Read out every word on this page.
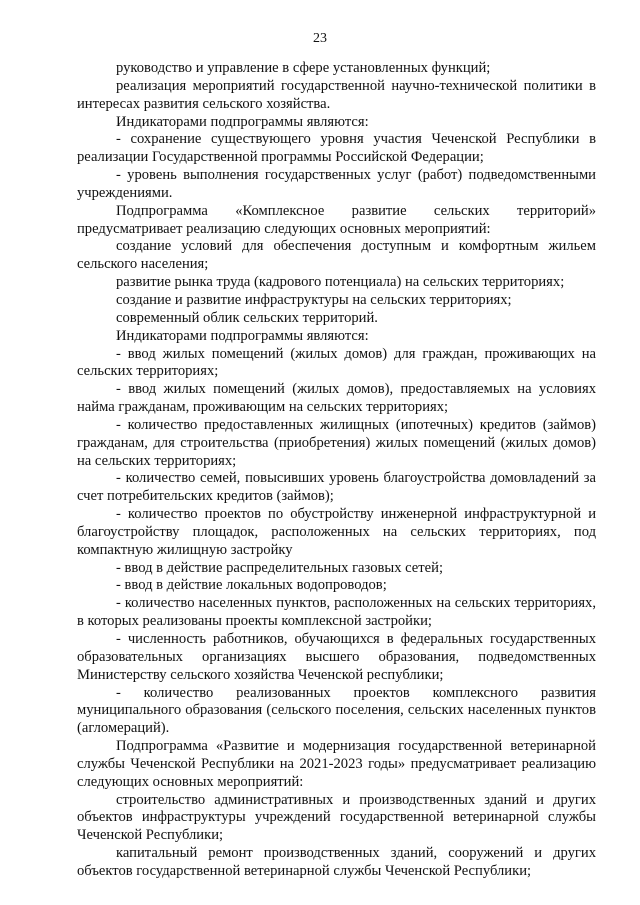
23

руководство и управление в сфере установленных функций;

реализация мероприятий государственной научно-технической политики в интересах развития сельского хозяйства.

Индикаторами подпрограммы являются:

- сохранение существующего уровня участия Чеченской Республики в реализации Государственной программы Российской Федерации;

- уровень выполнения государственных услуг (работ) подведомственными учреждениями.

Подпрограмма «Комплексное развитие сельских территорий» предусматривает реализацию следующих основных мероприятий:

создание условий для обеспечения доступным и комфортным жильем сельского населения;

развитие рынка труда (кадрового потенциала) на сельских территориях;

создание и развитие инфраструктуры на сельских территориях;

современный облик сельских территорий.

Индикаторами подпрограммы являются:

- ввод жилых помещений (жилых домов) для граждан, проживающих на сельских территориях;

- ввод жилых помещений (жилых домов), предоставляемых на условиях найма гражданам, проживающим на сельских территориях;

- количество предоставленных жилищных (ипотечных) кредитов (займов) гражданам, для строительства (приобретения) жилых помещений (жилых домов) на сельских территориях;

- количество семей, повысивших уровень благоустройства домовладений за счет потребительских кредитов (займов);

- количество проектов по обустройству инженерной инфраструктурной и благоустройству площадок, расположенных на сельских территориях, под компактную жилищную застройку

- ввод в действие распределительных газовых сетей;

- ввод в действие локальных водопроводов;

- количество населенных пунктов, расположенных на сельских территориях, в которых реализованы проекты комплексной застройки;

- численность работников, обучающихся в федеральных государственных образовательных организациях высшего образования, подведомственных Министерству сельского хозяйства Чеченской республики;

- количество реализованных проектов комплексного развития муниципального образования (сельского поселения, сельских населенных пунктов (агломераций).

Подпрограмма «Развитие и модернизация государственной ветеринарной службы Чеченской Республики на 2021-2023 годы» предусматривает реализацию следующих основных мероприятий:

строительство административных и производственных зданий и других объектов инфраструктуры учреждений государственной ветеринарной службы Чеченской Республики;

капитальный ремонт производственных зданий, сооружений и других объектов государственной ветеринарной службы Чеченской Республики;
